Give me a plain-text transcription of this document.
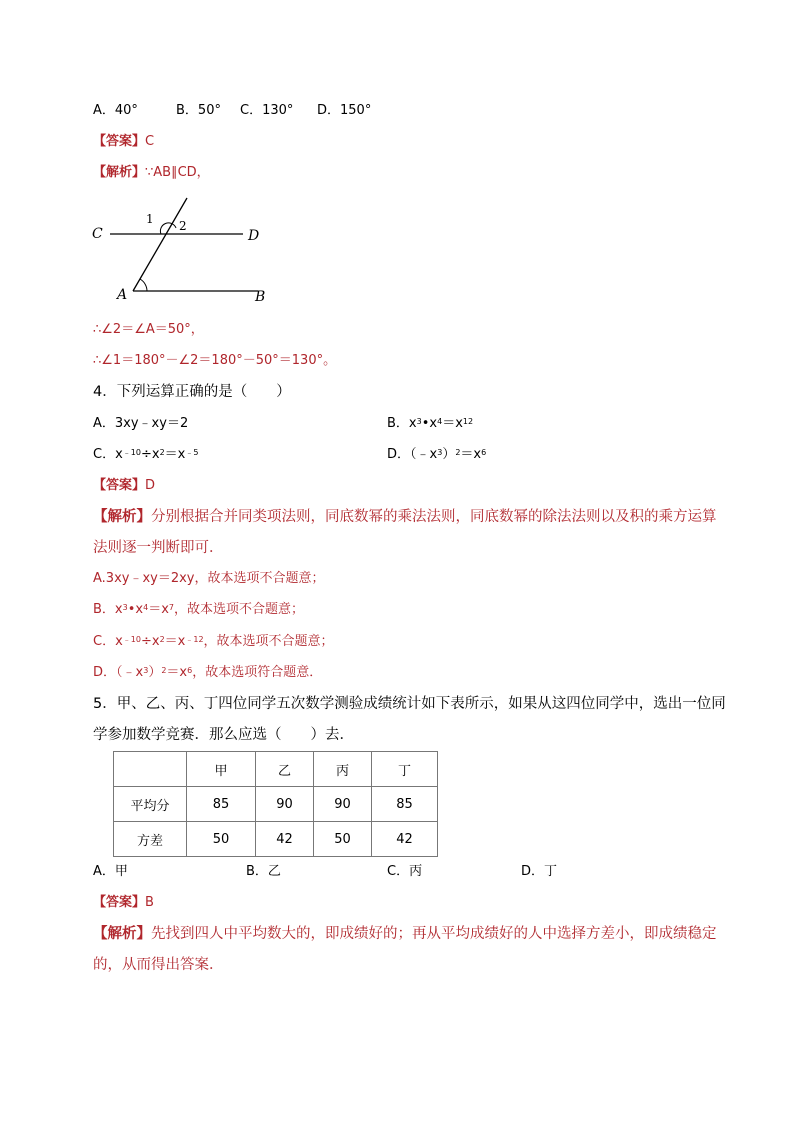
A．40°	B．50° C．130° D．150°
【答案】C
【解析】∵AB∥CD，
C	D
A	B
1 2
∴∠2＝∠A＝50°，
∴∠1＝180°－∠2＝180°－50°＝130°。
4．下列运算正确的是（　　）
A．3xy﹣xy＝2	B．$x^3•x^4=x^{12}$
C．$x^{﹣10}\div x^2=x^{﹣5}$	D．$(﹣x^3)^2=x^6$
【答案】D
【解析】分别根据合并同类项法则，同底数幂的乘法法则，同底数幂的除法法则以及积的乘方运算
法则逐一判断即可．
A.3xy﹣xy＝2xy，故本选项不合题意；
B．$x^3•x^4=x^7$，故本选项不合题意；
C．$x^{﹣10}\div x^2=x^{﹣12}$，故本选项不合题意；
D．$(﹣x^3)^2=x^6$，故本选项符合题意．
5．甲、乙、丙、丁四位同学五次数学测验成绩统计如下表所示，如果从这四位同学中，选出一位同
学参加数学竞赛．那么应选（　　）去．
	甲	乙	丙	丁
平均分	85	90	90	85
方差	50	42	50	42
A．甲	B．乙	C．丙	D．丁
【答案】B
【解析】先找到四人中平均数大的，即成绩好的；再从平均成绩好的人中选择方差小，即成绩稳定
的，从而得出答案．
